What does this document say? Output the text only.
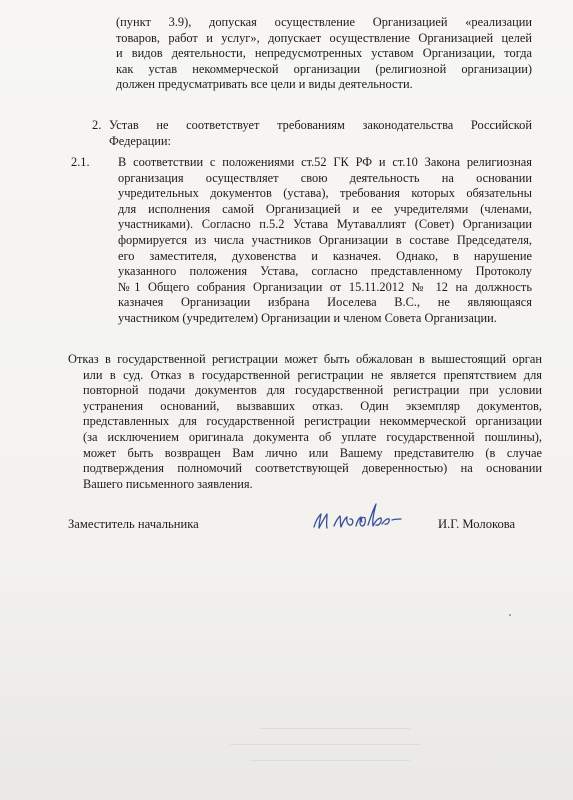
(пункт 3.9), допуская осуществление Организацией «реализации
товаров, работ и услуг», допускает осуществление Организацией целей
и видов деятельности, непредусмотренных уставом Организации, тогда
как устав некоммерческой организации (религиозной организации)
должен предусматривать все цели и виды деятельности.
2. Устав не соответствует требованиям законодательства Российской
Федерации:
2.1. В соответствии с положениями ст.52 ГК РФ и ст.10 Закона религиозная
организация осуществляет свою деятельность на основании
учредительных документов (устава), требования которых обязательны
для исполнения самой Организацией и ее учредителями (членами,
участниками). Согласно п.5.2 Устава Мутаваллият (Совет) Организации
формируется из числа участников Организации в составе Председателя,
его заместителя, духовенства и казначея. Однако, в нарушение
указанного положения Устава, согласно представленному Протоколу
№1 Общего собрания Организации от 15.11.2012 № 12 на должность
казначея Организации избрана Иоселева В.С., не являющаяся
участником (учредителем) Организации и членом Совета Организации.
Отказ в государственной регистрации может быть обжалован в вышестоящий орган
или в суд. Отказ в государственной регистрации не является препятствием для
повторной подачи документов для государственной регистрации при условии
устранения оснований, вызвавших отказ. Один экземпляр документов,
представленных для государственной регистрации некоммерческой организации
(за исключением оригинала документа об уплате государственной пошлины),
может быть возвращен Вам лично или Вашему представителю (в случае
подтверждения полномочий соответствующей доверенностью) на основании
Вашего письменного заявления.
Заместитель начальника	И.Г. Молокова
